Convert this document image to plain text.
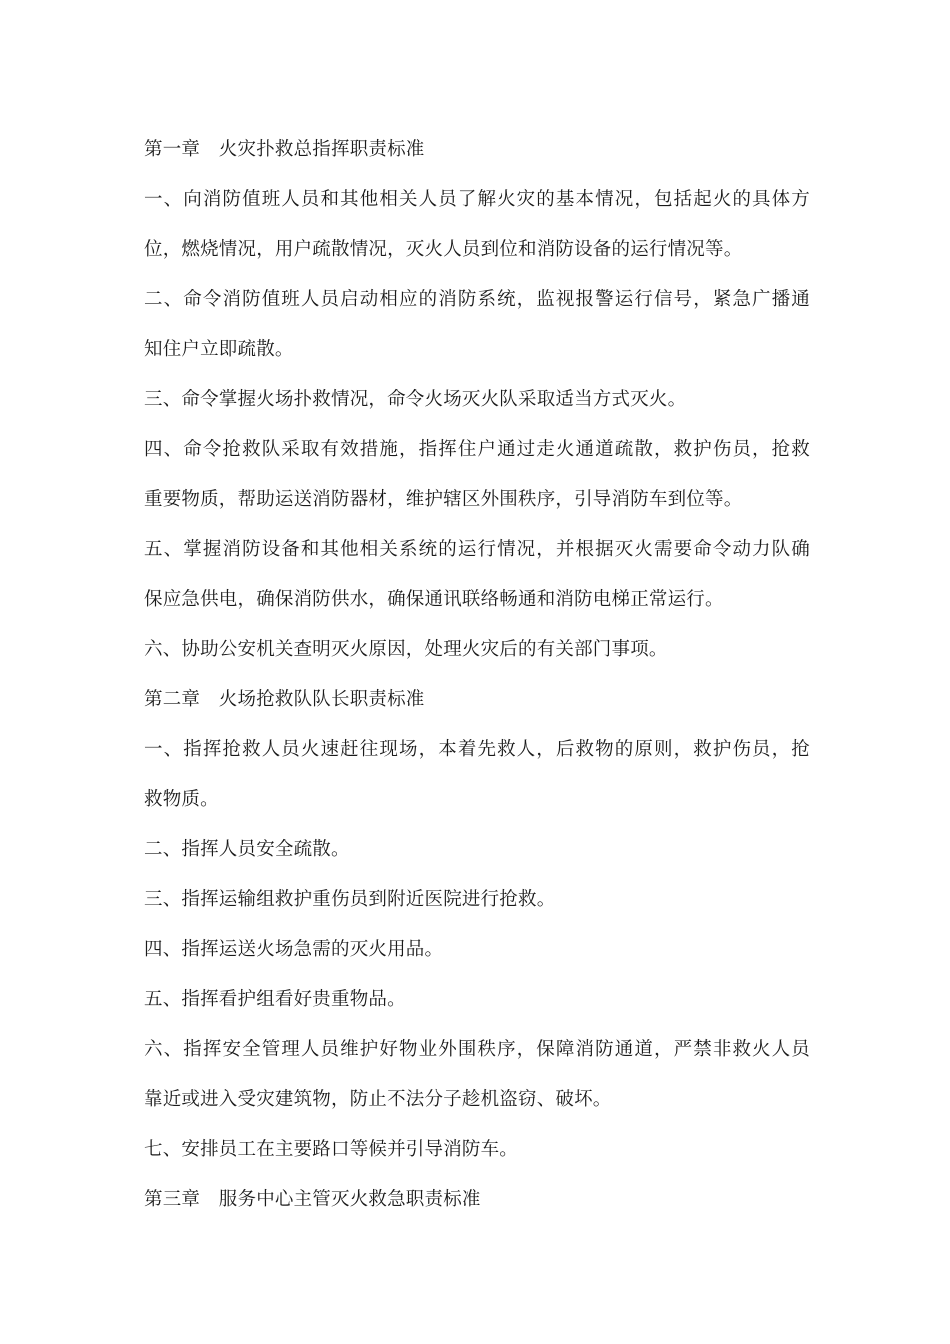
第一章　火灾扑救总指挥职责标准
一、向消防值班人员和其他相关人员了解火灾的基本情况，包括起火的具体方
位，燃烧情况，用户疏散情况，灭火人员到位和消防设备的运行情况等。
二、命令消防值班人员启动相应的消防系统，监视报警运行信号，紧急广播通
知住户立即疏散。
三、命令掌握火场扑救情况，命令火场灭火队采取适当方式灭火。
四、命令抢救队采取有效措施，指挥住户通过走火通道疏散，救护伤员，抢救
重要物质，帮助运送消防器材，维护辖区外围秩序，引导消防车到位等。
五、掌握消防设备和其他相关系统的运行情况，并根据灭火需要命令动力队确
保应急供电，确保消防供水，确保通讯联络畅通和消防电梯正常运行。
六、协助公安机关查明灭火原因，处理火灾后的有关部门事项。
第二章　火场抢救队队长职责标准
一、指挥抢救人员火速赶往现场，本着先救人，后救物的原则，救护伤员，抢
救物质。
二、指挥人员安全疏散。
三、指挥运输组救护重伤员到附近医院进行抢救。
四、指挥运送火场急需的灭火用品。
五、指挥看护组看好贵重物品。
六、指挥安全管理人员维护好物业外围秩序，保障消防通道，严禁非救火人员
靠近或进入受灾建筑物，防止不法分子趁机盗窃、破坏。
七、安排员工在主要路口等候并引导消防车。
第三章　服务中心主管灭火救急职责标准
